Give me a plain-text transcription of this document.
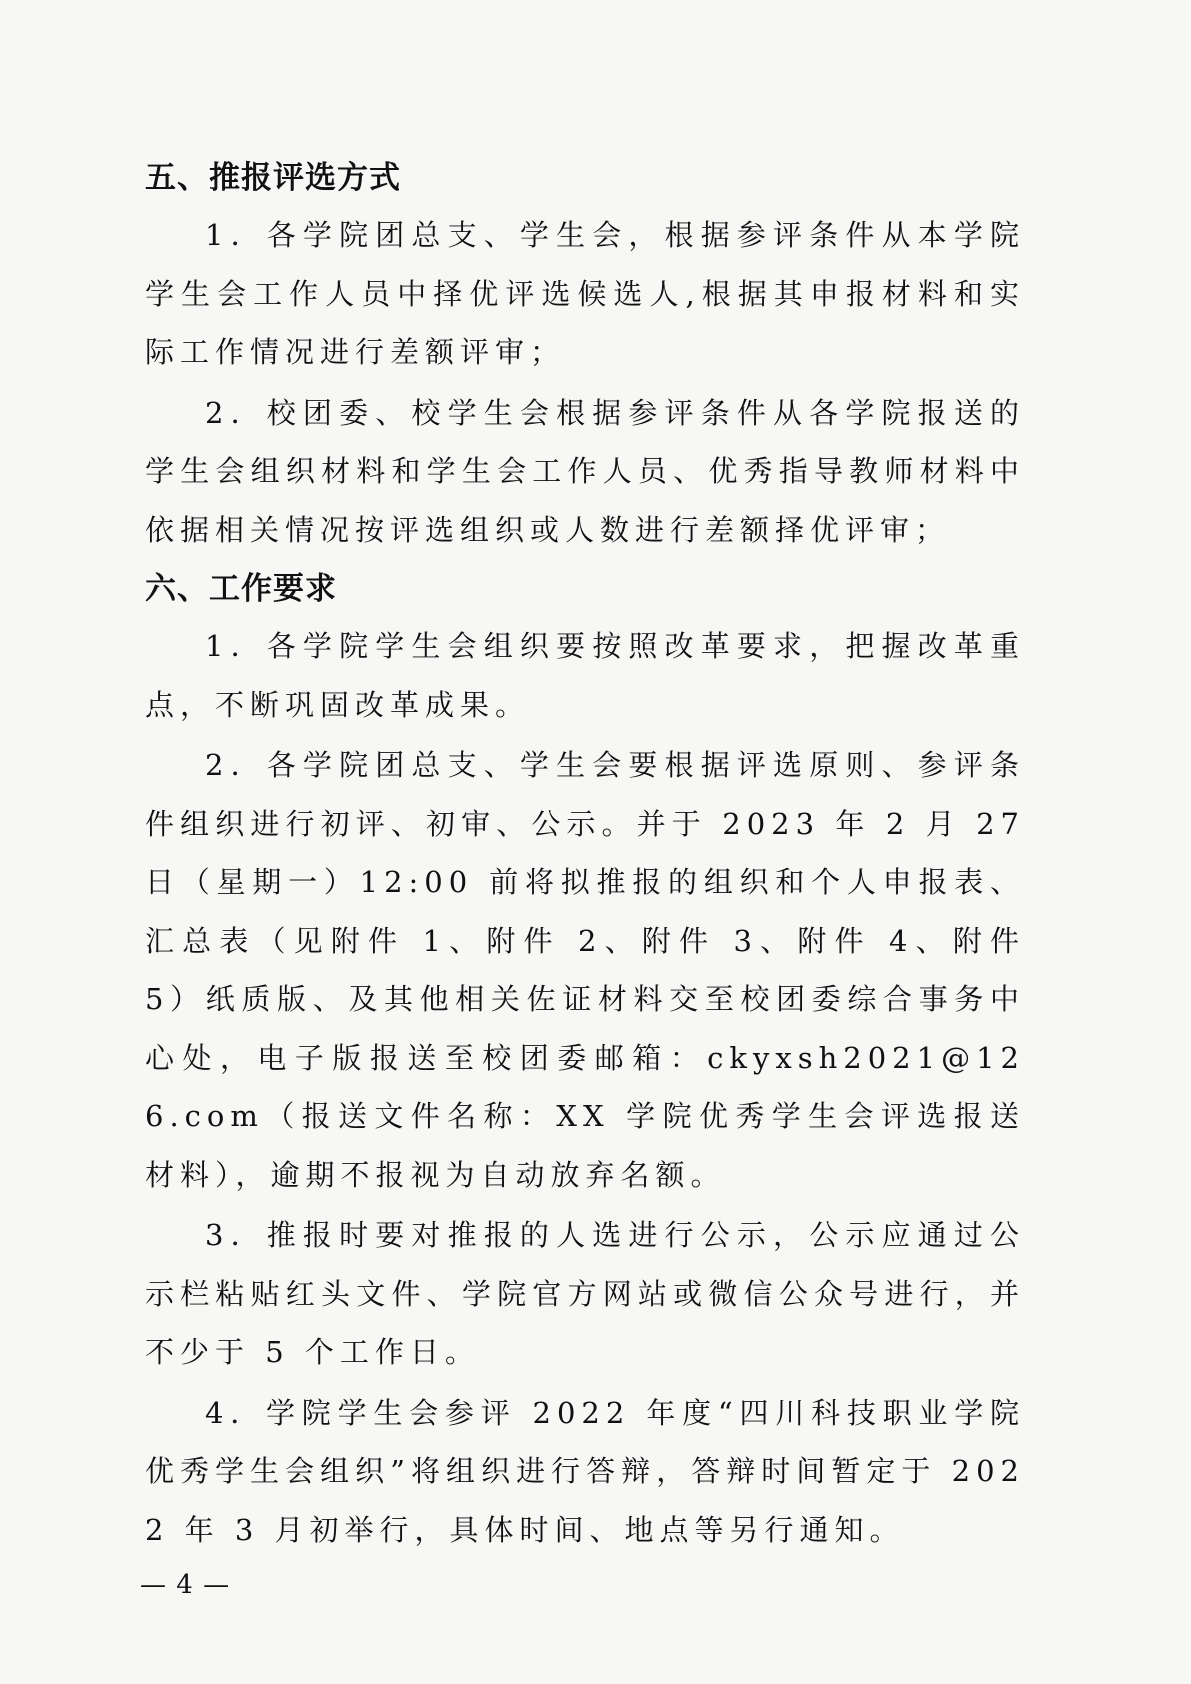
五、推报评选方式

1．各学院团总支、学生会，根据参评条件从本学院学生会工作人员中择优评选候选人,根据其申报材料和实际工作情况进行差额评审；

2．校团委、校学生会根据参评条件从各学院报送的学生会组织材料和学生会工作人员、优秀指导教师材料中依据相关情况按评选组织或人数进行差额择优评审；

六、工作要求

1．各学院学生会组织要按照改革要求，把握改革重点，不断巩固改革成果。

2．各学院团总支、学生会要根据评选原则、参评条件组织进行初评、初审、公示。并于 2023 年 2 月 27 日（星期一）12:00 前将拟推报的组织和个人申报表、汇总表（见附件 1、附件 2、附件 3、附件 4、附件 5）纸质版、及其他相关佐证材料交至校团委综合事务中心处，电子版报送至校团委邮箱：ckyxsh2021@126.com（报送文件名称：XX 学院优秀学生会评选报送材料），逾期不报视为自动放弃名额。

3．推报时要对推报的人选进行公示，公示应通过公示栏粘贴红头文件、学院官方网站或微信公众号进行，并不少于 5 个工作日。

4．学院学生会参评 2022 年度“四川科技职业学院优秀学生会组织”将组织进行答辩，答辩时间暂定于 2022 年 3 月初举行，具体时间、地点等另行通知。

— 4 —
